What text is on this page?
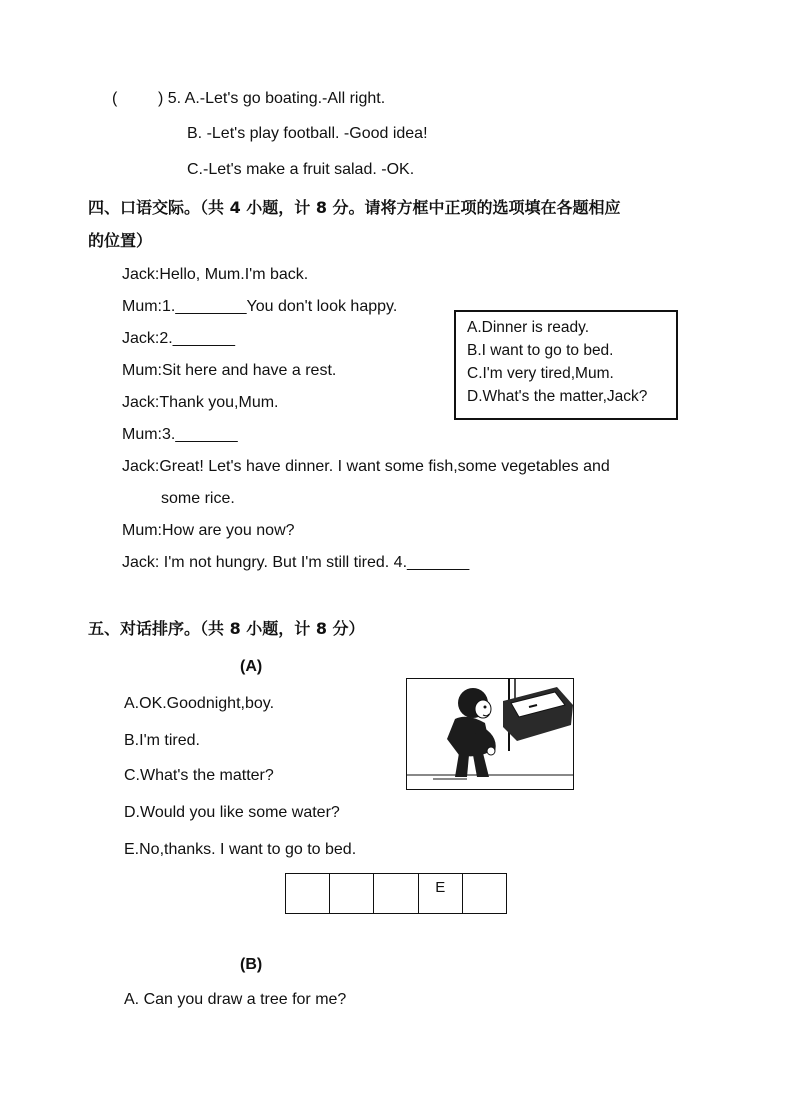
(	) 5. A.-Let's go boating.-All right.
B. -Let's play football. -Good idea!
C.-Let's make a fruit salad. -OK.
四、口语交际。（共 4 小题，计 8 分。请将方框中正项的选项填在各题相应
的位置）
Jack:Hello, Mum.I'm back.
Mum:1.________You don't look happy.
Jack:2._______
Mum:Sit here and have a rest.
Jack:Thank you,Mum.
Mum:3._______
Jack:Great! Let's have dinner. I want some fish,some vegetables and
some rice.
Mum:How are you now?
Jack: I'm not hungry. But I'm still tired. 4._______
A.Dinner is ready.
B.I want to go to bed.
C.I'm very tired,Mum.
D.What's the matter,Jack?
五、对话排序。（共 8 小题，计 8 分）
(A)
A.OK.Goodnight,boy.
B.I'm tired.
C.What's the matter?
D.Would you like some water?
E.No,thanks. I want to go to bed.
E
(B)
A. Can you draw a tree for me?
